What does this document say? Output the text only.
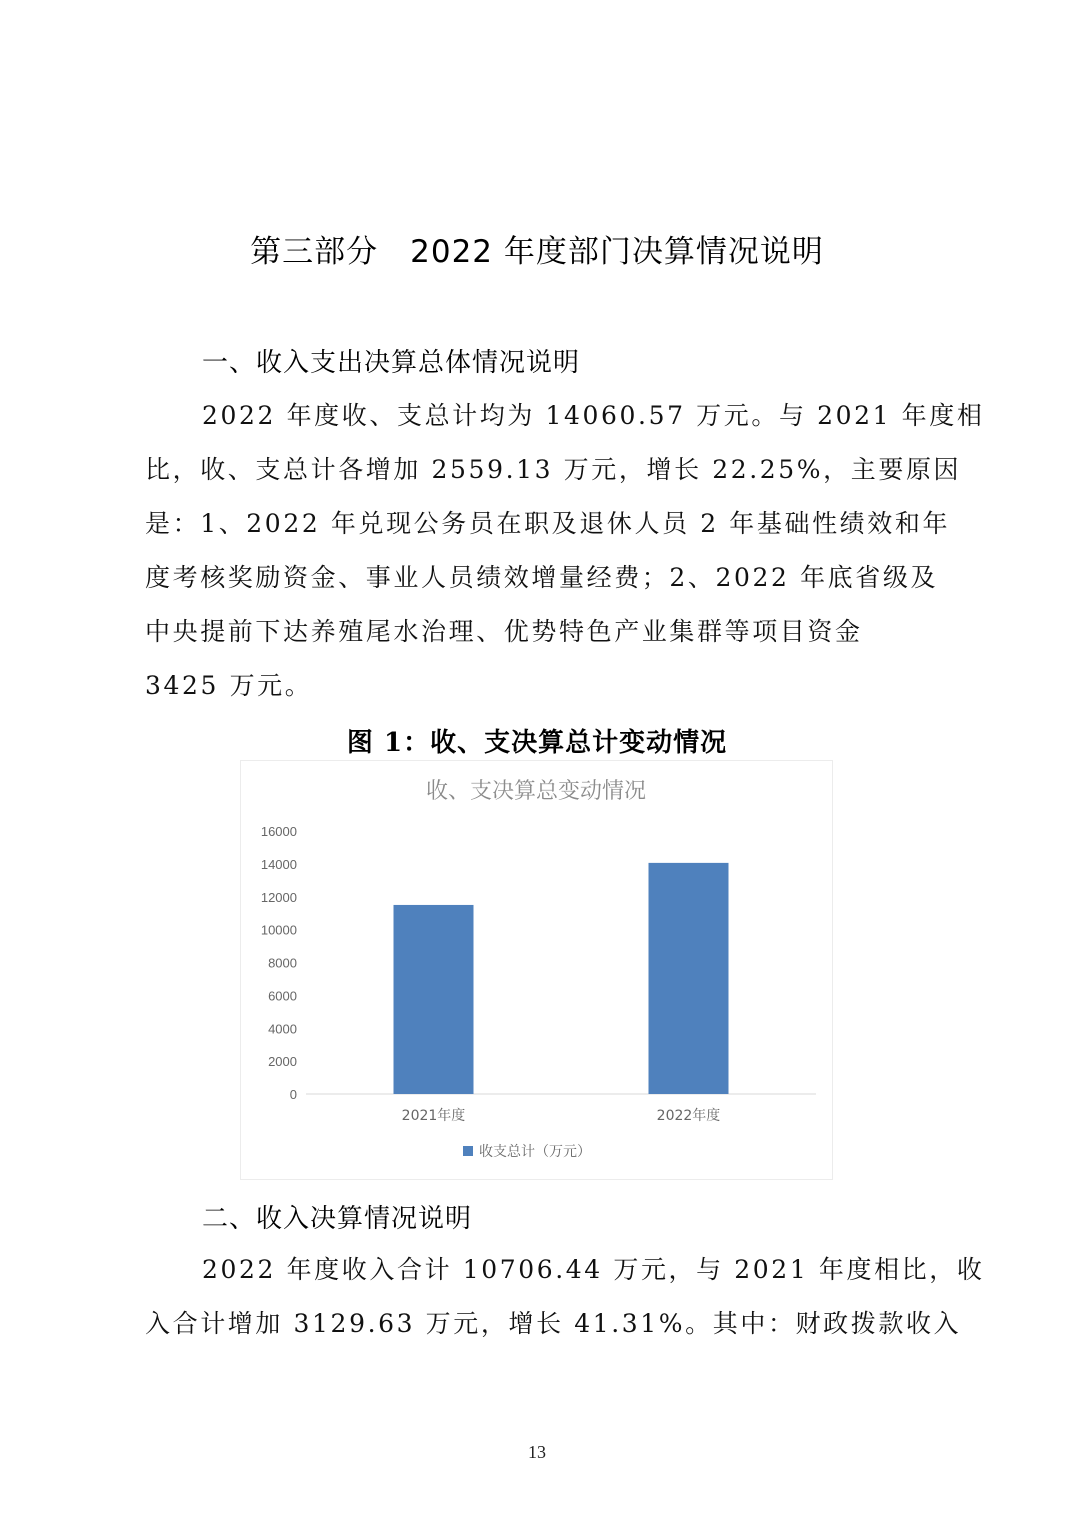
第三部分　2022 年度部门决算情况说明
一、收入支出决算总体情况说明
2022 年度收、支总计均为 14060.57 万元。与 2021 年度相
比，收、支总计各增加 2559.13 万元，增长 22.25%，主要原因
是：1、2022 年兑现公务员在职及退休人员 2 年基础性绩效和年
度考核奖励资金、事业人员绩效增量经费；2、2022 年底省级及
中央提前下达养殖尾水治理、优势特色产业集群等项目资金
3425 万元。
图 1：收、支决算总计变动情况
收、支决算总变动情况
0
2000
4000
6000
8000
10000
12000
14000
16000
2021年度	2022年度
收支总计（万元）
二、收入决算情况说明
2022 年度收入合计 10706.44 万元，与 2021 年度相比，收
入合计增加 3129.63 万元，增长 41.31%。其中：财政拨款收入
13
